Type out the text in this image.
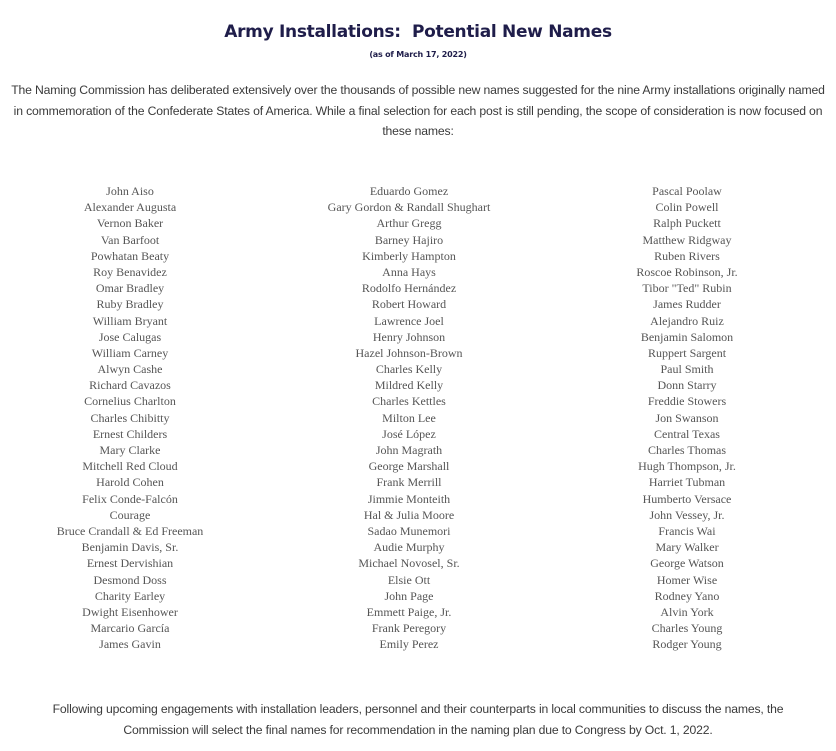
Army Installations:  Potential New Names
(as of March 17, 2022)

The Naming Commission has deliberated extensively over the thousands of possible new names suggested for the nine Army installations originally named in commemoration of the Confederate States of America. While a final selection for each post is still pending, the scope of consideration is now focused on these names:

John Aiso
Alexander Augusta
Vernon Baker
Van Barfoot
Powhatan Beaty
Roy Benavidez
Omar Bradley
Ruby Bradley
William Bryant
Jose Calugas
William Carney
Alwyn Cashe
Richard Cavazos
Cornelius Charlton
Charles Chibitty
Ernest Childers
Mary Clarke
Mitchell Red Cloud
Harold Cohen
Felix Conde-Falcón
Courage
Bruce Crandall & Ed Freeman
Benjamin Davis, Sr.
Ernest Dervishian
Desmond Doss
Charity Earley
Dwight Eisenhower
Marcario García
James Gavin
Eduardo Gomez
Gary Gordon & Randall Shughart
Arthur Gregg
Barney Hajiro
Kimberly Hampton
Anna Hays
Rodolfo Hernández
Robert Howard
Lawrence Joel
Henry Johnson
Hazel Johnson-Brown
Charles Kelly
Mildred Kelly
Charles Kettles
Milton Lee
José López
John Magrath
George Marshall
Frank Merrill
Jimmie Monteith
Hal & Julia Moore
Sadao Munemori
Audie Murphy
Michael Novosel, Sr.
Elsie Ott
John Page
Emmett Paige, Jr.
Frank Peregory
Emily Perez
Pascal Poolaw
Colin Powell
Ralph Puckett
Matthew Ridgway
Ruben Rivers
Roscoe Robinson, Jr.
Tibor "Ted" Rubin
James Rudder
Alejandro Ruiz
Benjamin Salomon
Ruppert Sargent
Paul Smith
Donn Starry
Freddie Stowers
Jon Swanson
Central Texas
Charles Thomas
Hugh Thompson, Jr.
Harriet Tubman
Humberto Versace
John Vessey, Jr.
Francis Wai
Mary Walker
George Watson
Homer Wise
Rodney Yano
Alvin York
Charles Young
Rodger Young

Following upcoming engagements with installation leaders, personnel and their counterparts in local communities to discuss the names, the Commission will select the final names for recommendation in the naming plan due to Congress by Oct. 1, 2022.
